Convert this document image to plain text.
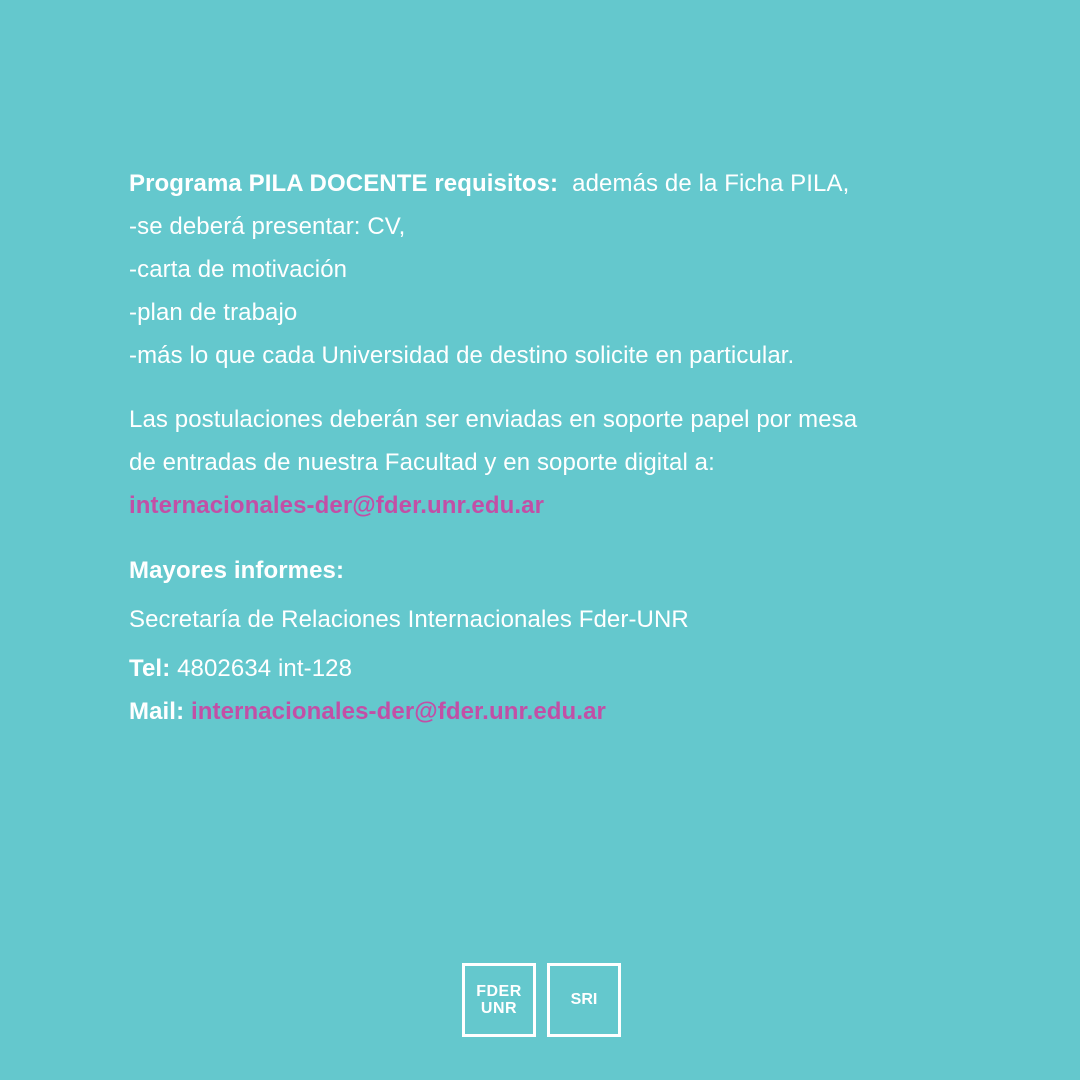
Programa PILA DOCENTE requisitos: además de la Ficha PILA,
-se deberá presentar: CV,
-carta de motivación
-plan de trabajo
-más lo que cada Universidad de destino solicite en particular.
Las postulaciones deberán ser enviadas en soporte papel por mesa
de entradas de nuestra Facultad y en soporte digital a:
internacionales-der@fder.unr.edu.ar
Mayores informes:
Secretaría de Relaciones Internacionales Fder-UNR
Tel: 4802634 int-128
Mail: internacionales-der@fder.unr.edu.ar
FDER
UNR
SRI
